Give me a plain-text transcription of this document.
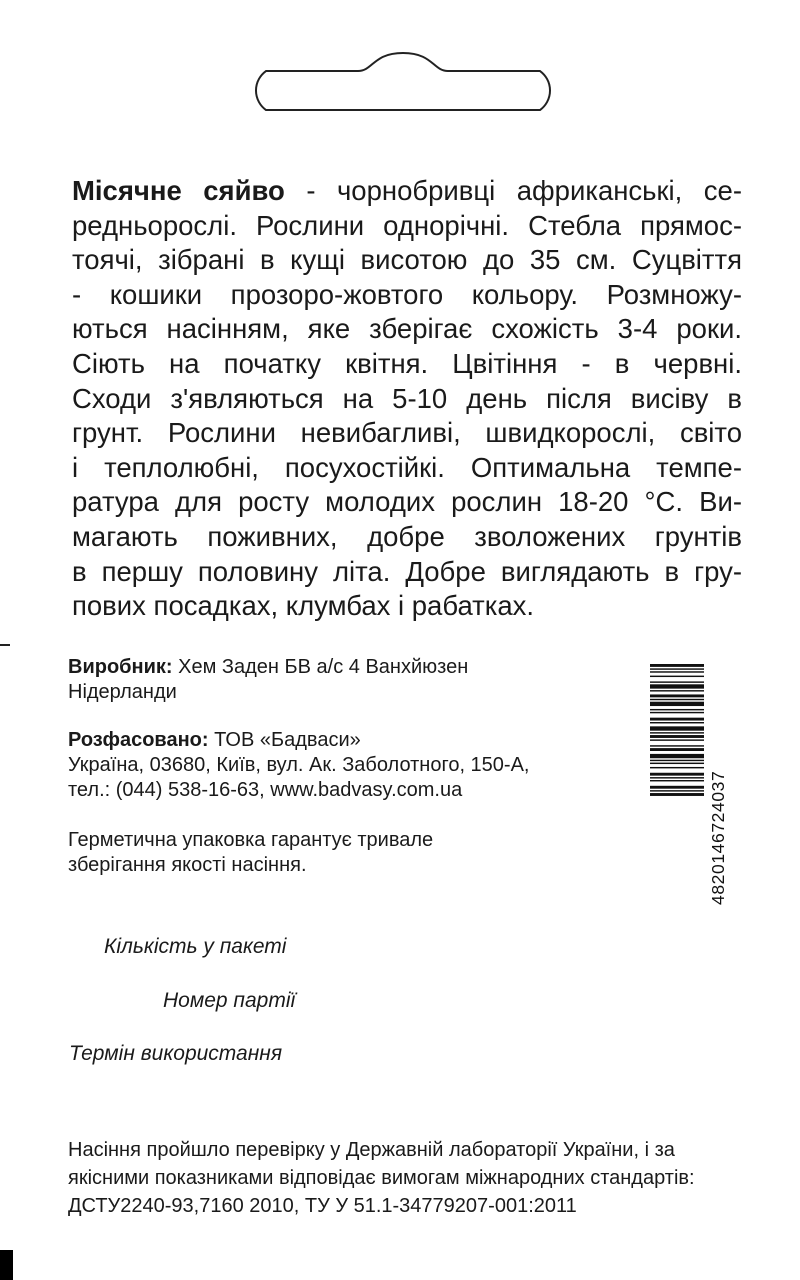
Місячне сяйво - чорнобривці африканські, се-
редньорослі. Рослини однорічні. Стебла прямос-
тоячі, зібрані в кущі висотою до 35 см. Суцвіття
- кошики прозоро-жовтого кольору. Розмножу-
ються насінням, яке зберігає схожість 3-4 роки.
Сіють на початку квітня. Цвітіння - в червні.
Сходи з'являються на 5-10 день після висіву в
грунт. Рослини невибагливі, швидкорослі, світо
і теплолюбні, посухостійкі. Оптимальна темпе-
ратура для росту молодих рослин 18-20 °С. Ви-
магають поживних, добре зволожених грунтів
в першу половину літа. Добре виглядають в гру-
пових посадках, клумбах і рабатках.

Виробник: Хем Заден БВ а/с 4 Ванхйюзен
Нідерланди
Розфасовано: ТОВ «Бадваси»
Україна, 03680, Київ, вул. Ак. Заболотного, 150-А,
тел.: (044) 538-16-63, www.badvasy.com.ua
Герметична упаковка гарантує тривале
зберігання якості насіння.	4820146724037
Кількість у пакеті
Номер партії
Термін використання
Насіння пройшло перевірку у Державній лабораторії України, і за
якісними показниками відповідає вимогам міжнародних стандартів:
ДСТУ2240-93,7160 2010, ТУ У 51.1-34779207-001:2011
